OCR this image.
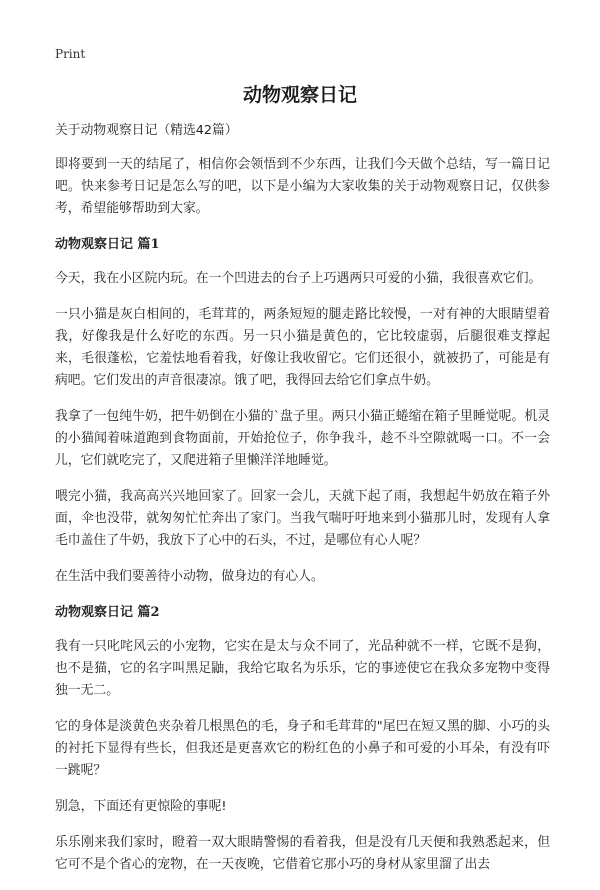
Print
动物观察日记

关于动物观察日记（精选42篇）

即将要到一天的结尾了，相信你会领悟到不少东西，让我们今天做个总结，写一篇日记吧。快来参考日记是怎么写的吧，以下是小编为大家收集的关于动物观察日记，仅供参考，希望能够帮助到大家。

动物观察日记 篇1

今天，我在小区院内玩。在一个凹进去的台子上巧遇两只可爱的小猫，我很喜欢它们。

一只小猫是灰白相间的，毛茸茸的，两条短短的腿走路比较慢，一对有神的大眼睛望着我，好像我是什么好吃的东西。另一只小猫是黄色的，它比较虚弱，后腿很难支撑起来，毛很蓬松，它羞怯地看着我，好像让我收留它。它们还很小，就被扔了，可能是有病吧。它们发出的声音很凄凉。饿了吧，我得回去给它们拿点牛奶。

我拿了一包纯牛奶，把牛奶倒在小猫的`盘子里。两只小猫正蜷缩在箱子里睡觉呢。机灵的小猫闻着味道跑到食物面前，开始抢位子，你争我斗，趁不斗空隙就喝一口。不一会儿，它们就吃完了，又爬进箱子里懒洋洋地睡觉。

喂完小猫，我高高兴兴地回家了。回家一会儿，天就下起了雨，我想起牛奶放在箱子外面，伞也没带，就匆匆忙忙奔出了家门。当我气喘吁吁地来到小猫那儿时，发现有人拿毛巾盖住了牛奶，我放下了心中的石头，不过，是哪位有心人呢？

在生活中我们要善待小动物，做身边的有心人。

动物观察日记 篇2

我有一只叱咤风云的小宠物，它实在是太与众不同了，光品种就不一样，它既不是狗，也不是猫，它的名字叫黑足鼬，我给它取名为乐乐，它的事迹使它在我众多宠物中变得独一无二。

它的身体是淡黄色夹杂着几根黑色的毛，身子和毛茸茸的"尾巴在短又黑的脚、小巧的头的衬托下显得有些长，但我还是更喜欢它的粉红色的小鼻子和可爱的小耳朵，有没有吓一跳呢？

别急，下面还有更惊险的事呢!

乐乐刚来我们家时，瞪着一双大眼睛警惕的看着我，但是没有几天便和我熟悉起来，但它可不是个省心的宠物，在一天夜晚，它借着它那小巧的身材从家里溜了出去
